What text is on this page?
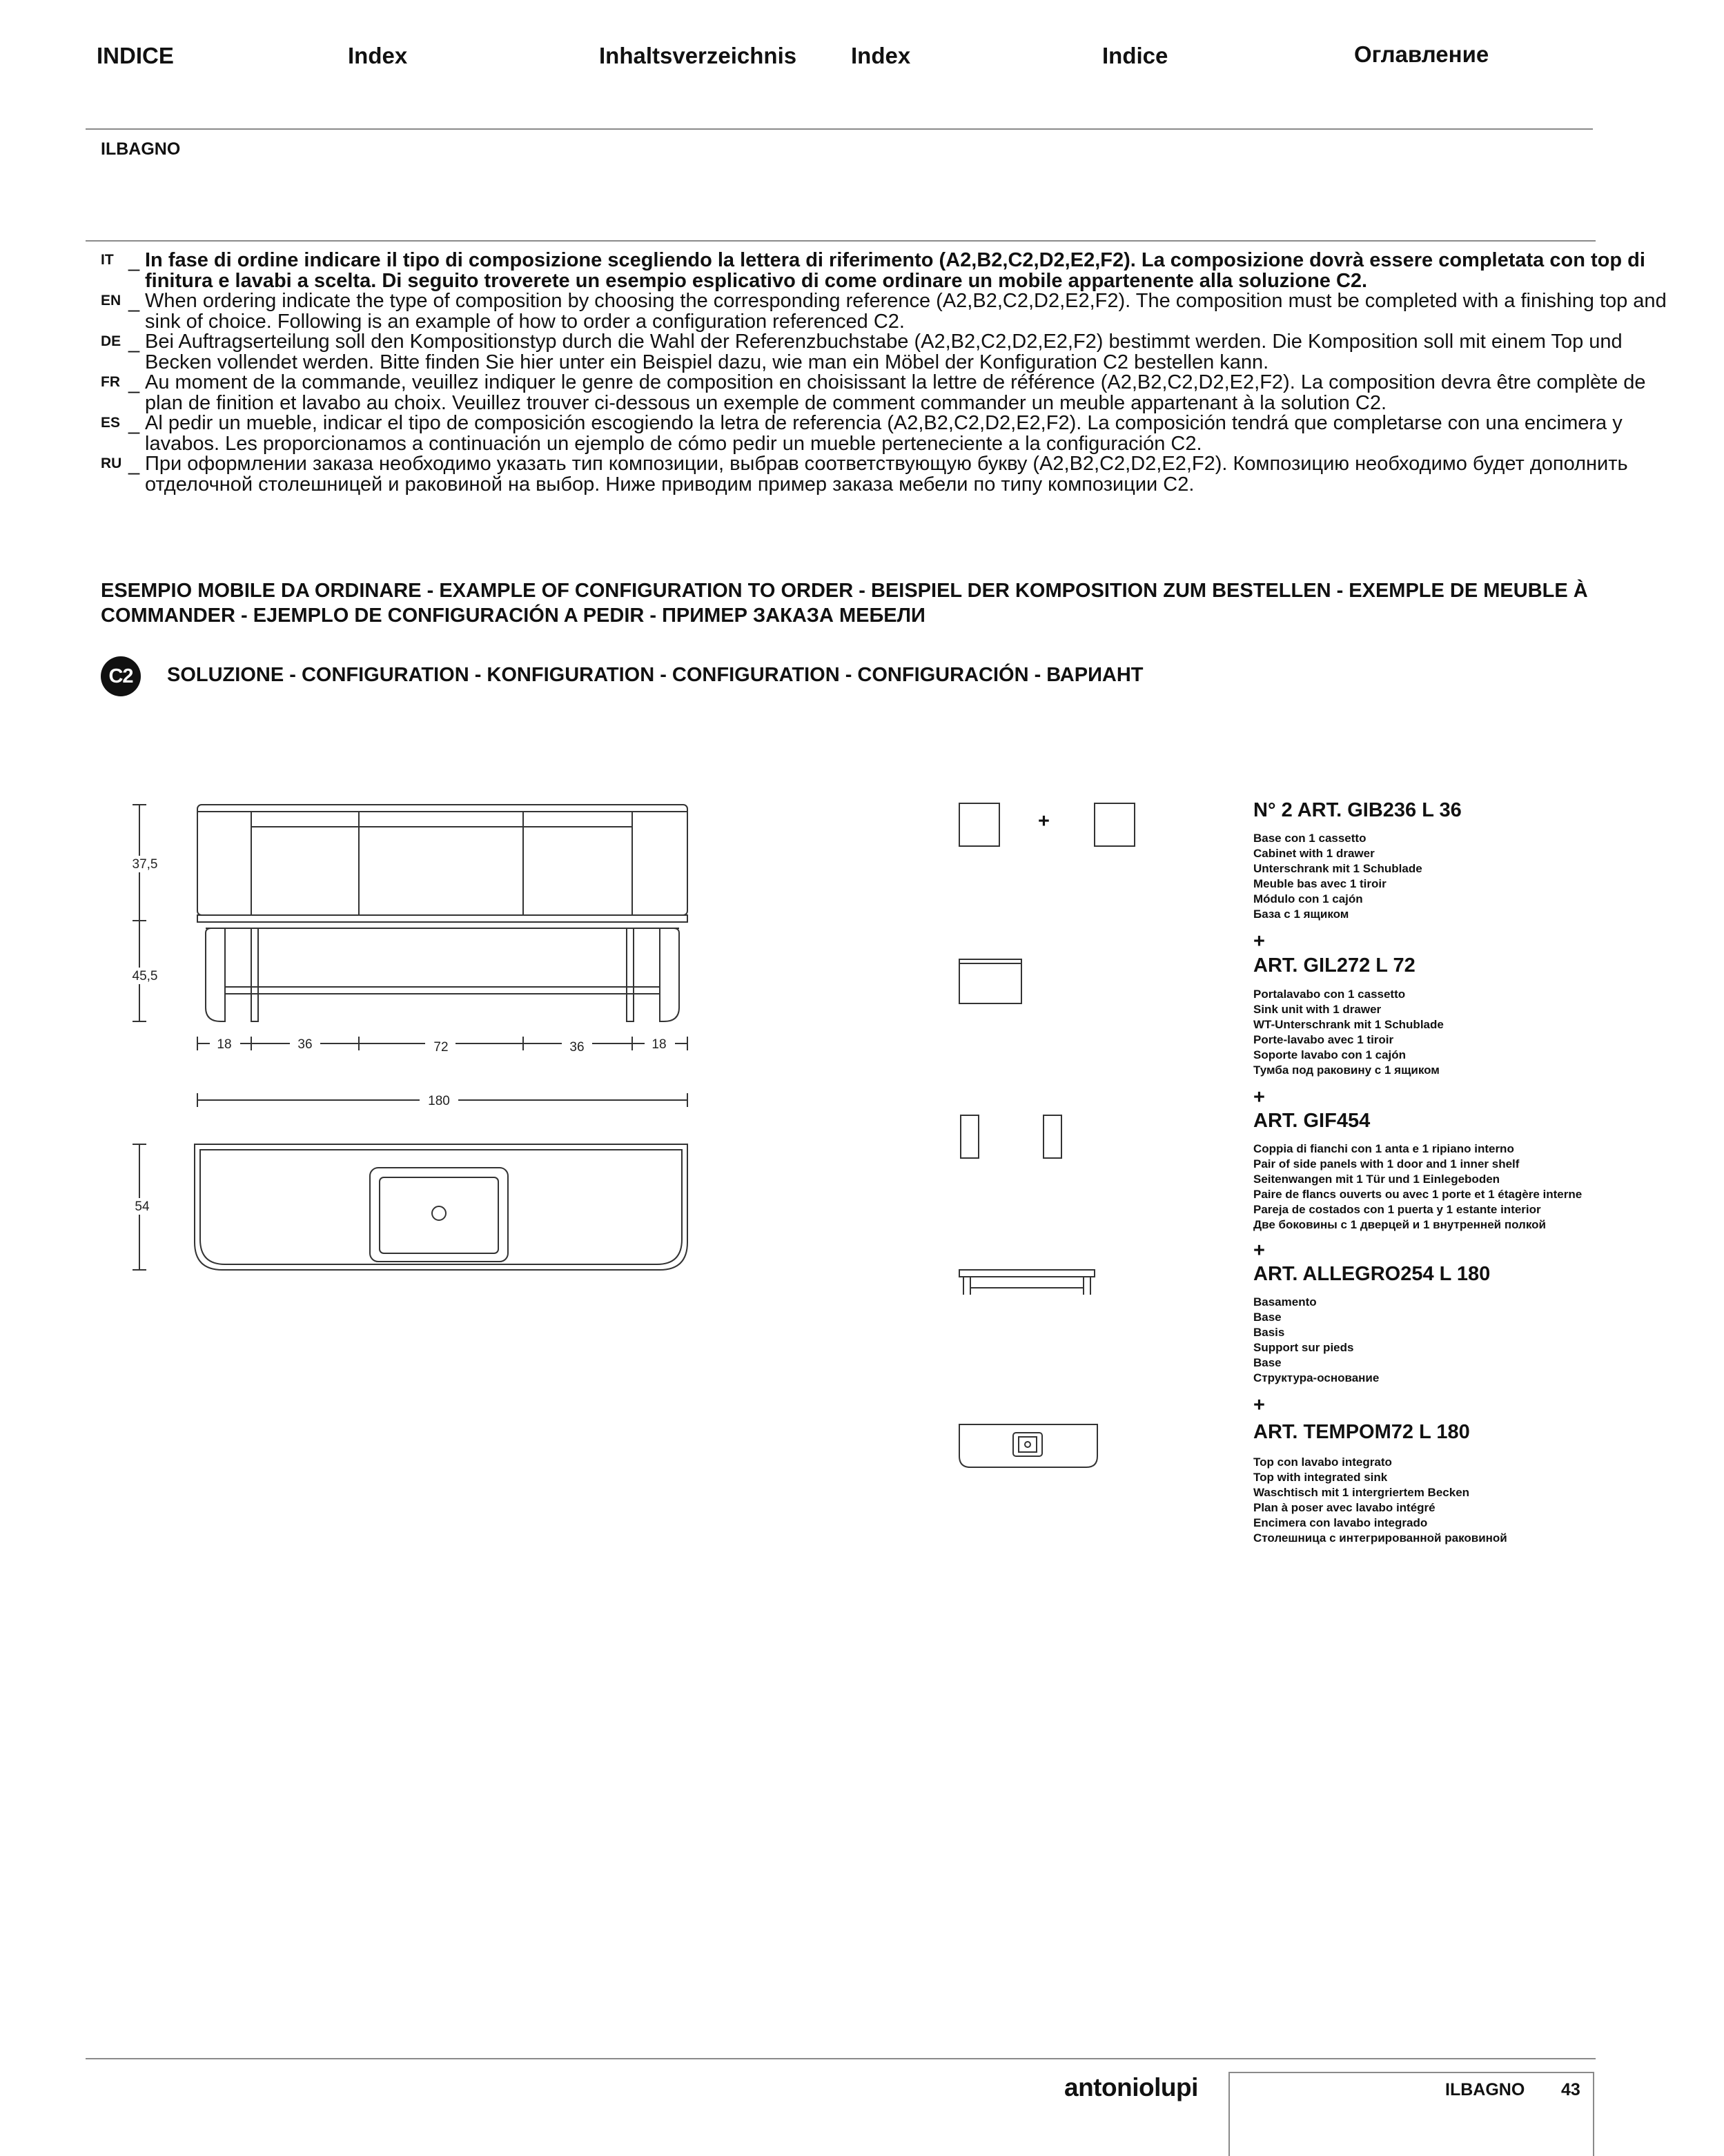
INDICE	Index	Inhaltsverzeichnis Index	Indice	Оглавление
ILBAGNO
IT _ In fase di ordine indicare il tipo di composizione scegliendo la lettera di riferimento (A2,B2,C2,D2,E2,F2). La composizione dovrà essere completata con top di finitura e lavabi a scelta. Di seguito troverete un esempio esplicativo di come ordinare un mobile appartenente alla soluzione C2.
EN _ When ordering indicate the type of composition by choosing the corresponding reference (A2,B2,C2,D2,E2,F2). The composition must be completed with a finishing top and sink of choice. Following is an example of how to order a configuration referenced C2.
DE _ Bei Auftragserteilung soll den Kompositionstyp durch die Wahl der Referenzbuchstabe (A2,B2,C2,D2,E2,F2) bestimmt werden. Die Komposition soll mit einem Top und Becken vollendet werden. Bitte finden Sie hier unter ein Beispiel dazu, wie man ein Möbel der Konfiguration C2 bestellen kann.
FR _ Au moment de la commande, veuillez indiquer le genre de composition en choisissant la lettre de référence (A2,B2,C2,D2,E2,F2). La composition devra être complète de plan de finition et lavabo au choix. Veuillez trouver ci-dessous un exemple de comment commander un meuble appartenant à la solution C2.
ES _ Al pedir un mueble, indicar el tipo de composición escogiendo la letra de referencia (A2,B2,C2,D2,E2,F2). La composición tendrá que completarse con una encimera y lavabos. Les proporcionamos a continuación un ejemplo de cómo pedir un mueble perteneciente a la configuración C2.
RU _ При оформлении заказа необходимо указать тип композиции, выбрав соответствующую букву (A2,B2,C2,D2,E2,F2). Композицию необходимо будет дополнить отделочной столешницей и раковиной на выбор. Ниже приводим пример заказа мебели по типу композиции C2.
ESEMPIO MOBILE DA ORDINARE - EXAMPLE OF CONFIGURATION TO ORDER - BEISPIEL DER KOMPOSITION ZUM BESTELLEN - EXEMPLE DE MEUBLE À COMMANDER - EJEMPLO DE CONFIGURACIÓN A PEDIR - ПРИМЕР ЗАКАЗА МЕБЕЛИ
C2	SOLUZIONE - CONFIGURATION - KONFIGURATION - CONFIGURATION - CONFIGURACIÓN - ВАРИАНТ
37,5
45,5
18	36	72	36	18
180
54
+	N° 2 ART. GIB236 L 36
Base con 1 cassetto
Cabinet with 1 drawer
Unterschrank mit 1 Schublade
Meuble bas avec 1 tiroir
Módulo con 1 cajón
База с 1 ящиком
+
ART. GIL272 L 72
Portalavabo con 1 cassetto
Sink unit with 1 drawer
WT-Unterschrank mit 1 Schublade
Porte-lavabo avec 1 tiroir
Soporte lavabo con 1 cajón
Тумба под раковину с 1 ящиком
+
ART. GIF454
Coppia di fianchi con 1 anta e 1 ripiano interno
Pair of side panels with 1 door and 1 inner shelf
Seitenwangen mit 1 Tür und 1 Einlegeboden
Paire de flancs ouverts ou avec 1 porte et 1 étagère interne
Pareja de costados con 1 puerta y 1 estante interior
Две боковины с 1 дверцей и 1 внутренней полкой
+
ART. ALLEGRO254 L 180
Basamento
Base
Basis
Support sur pieds
Base
Структура-основание
+
ART. TEMPOM72 L 180
Top con lavabo integrato
Top with integrated sink
Waschtisch mit 1 intergriertem Becken
Plan à poser avec lavabo intégré
Encimera con lavabo integrado
Столешница с интегрированной раковиной
antoniolupi	ILBAGNO 43
